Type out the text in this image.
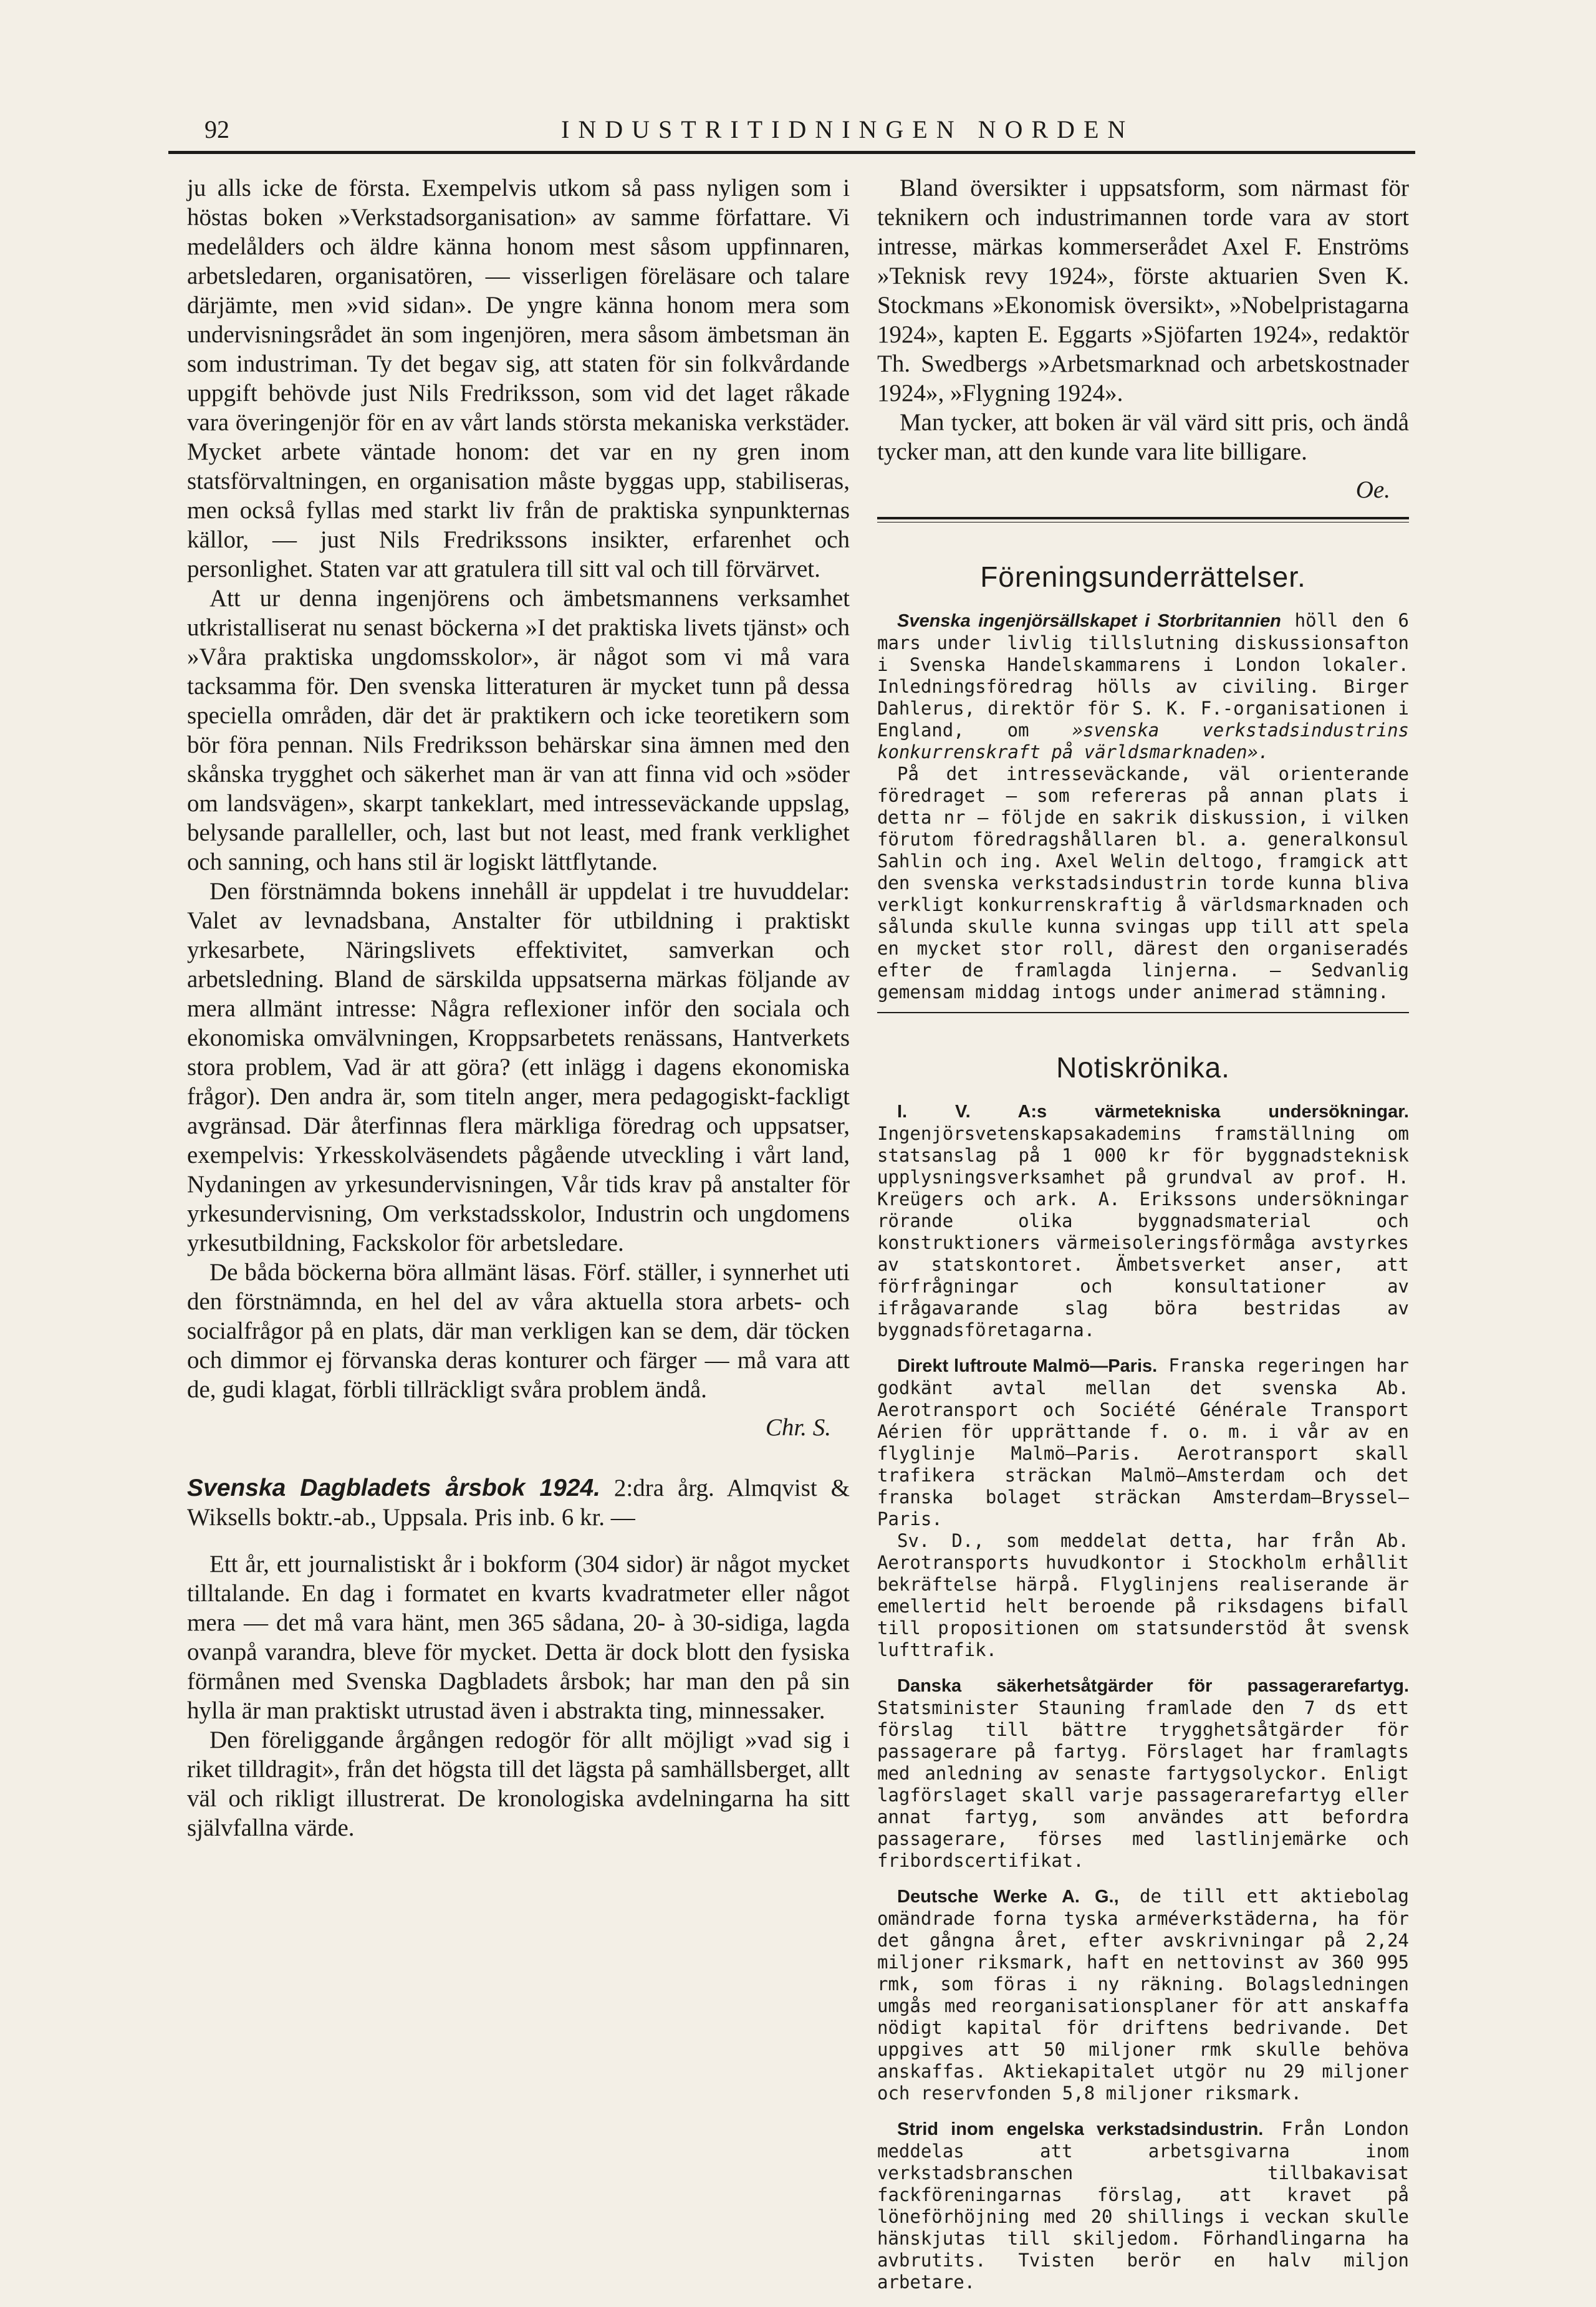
92	INDUSTRITIDNINGEN NORDEN

ju alls icke de första. Exempelvis utkom så pass nyligen som i höstas boken »Verkstadsorganisation» av samme författare. Vi medelålders och äldre känna honom mest såsom uppfinnaren, arbetsledaren, organisatören, — visserligen föreläsare och talare därjämte, men »vid sidan». De yngre känna honom mera som undervisningsrådet än som ingenjören, mera såsom ämbetsman än som industriman. Ty det begav sig, att staten för sin folkvårdande uppgift behövde just Nils Fredriksson, som vid det laget råkade vara överingenjör för en av vårt lands största mekaniska verkstäder. Mycket arbete väntade honom: det var en ny gren inom statsförvaltningen, en organisation måste byggas upp, stabiliseras, men också fyllas med starkt liv från de praktiska synpunkternas källor, — just Nils Fredrikssons insikter, erfarenhet och personlighet. Staten var att gratulera till sitt val och till förvärvet.

Att ur denna ingenjörens och ämbetsmannens verksamhet utkristalliserat nu senast böckerna »I det praktiska livets tjänst» och »Våra praktiska ungdomsskolor», är något som vi må vara tacksamma för. Den svenska litteraturen är mycket tunn på dessa speciella områden, där det är praktikern och icke teoretikern som bör föra pennan. Nils Fredriksson behärskar sina ämnen med den skånska trygghet och säkerhet man är van att finna vid och »söder om landsvägen», skarpt tankeklart, med intresseväckande uppslag, belysande paralleller, och, last but not least, med frank verklighet och sanning, och hans stil är logiskt lättflytande.

Den förstnämnda bokens innehåll är uppdelat i tre huvuddelar: Valet av levnadsbana, Anstalter för utbildning i praktiskt yrkesarbete, Näringslivets effektivitet, samverkan och arbetsledning. Bland de särskilda uppsatserna märkas följande av mera allmänt intresse: Några reflexioner inför den sociala och ekonomiska omvälvningen, Kroppsarbetets renässans, Hantverkets stora problem, Vad är att göra? (ett inlägg i dagens ekonomiska frågor). Den andra är, som titeln anger, mera pedagogiskt-fackligt avgränsad. Där återfinnas flera märkliga föredrag och uppsatser, exempelvis: Yrkesskolväsendets pågående utveckling i vårt land, Nydaningen av yrkesundervisningen, Vår tids krav på anstalter för yrkesundervisning, Om verkstadsskolor, Industrin och ungdomens yrkesutbildning, Fackskolor för arbetsledare.

De båda böckerna böra allmänt läsas. Förf. ställer, i synnerhet uti den förstnämnda, en hel del av våra aktuella stora arbets- och socialfrågor på en plats, där man verkligen kan se dem, där töcken och dimmor ej förvanska deras konturer och färger — må vara att de, gudi klagat, förbli tillräckligt svåra problem ändå.

Chr. S.

Svenska Dagbladets årsbok 1924. 2:dra årg. Almqvist & Wiksells boktr.-ab., Uppsala. Pris inb. 6 kr. —

Ett år, ett journalistiskt år i bokform (304 sidor) är något mycket tilltalande. En dag i formatet en kvarts kvadratmeter eller något mera — det må vara hänt, men 365 sådana, 20- à 30-sidiga, lagda ovanpå varandra, bleve för mycket. Detta är dock blott den fysiska förmånen med Svenska Dagbladets årsbok; har man den på sin hylla är man praktiskt utrustad även i abstrakta ting, minnessaker.

Den föreliggande årgången redogör för allt möjligt »vad sig i riket tilldragit», från det högsta till det lägsta på samhällsberget, allt väl och rikligt illustrerat. De kronologiska avdelningarna ha sitt självfallna värde.

Bland översikter i uppsatsform, som närmast för teknikern och industrimannen torde vara av stort intresse, märkas kommerserådet Axel F. Enströms »Teknisk revy 1924», förste aktuarien Sven K. Stockmans »Ekonomisk översikt», »Nobelpristagarna 1924», kapten E. Eggarts »Sjöfarten 1924», redaktör Th. Swedbergs »Arbetsmarknad och arbetskostnader 1924», »Flygning 1924».

Man tycker, att boken är väl värd sitt pris, och ändå tycker man, att den kunde vara lite billigare.

Oe.

Föreningsunderrättelser.

Svenska ingenjörsällskapet i Storbritannien höll den 6 mars under livlig tillslutning diskussionsafton i Svenska Handelskammarens i London lokaler. Inledningsföredrag hölls av civiling. Birger Dahlerus, direktör för S. K. F.-organisationen i England, om »svenska verkstadsindustrins konkurrenskraft på världsmarknaden».

På det intresseväckande, väl orienterande föredraget — som refereras på annan plats i detta nr — följde en sakrik diskussion, i vilken förutom föredragshållaren bl. a. generalkonsul Sahlin och ing. Axel Welin deltogo, framgick att den svenska verkstadsindustrin torde kunna bliva verkligt konkurrenskraftig å världsmarknaden och sålunda skulle kunna svingas upp till att spela en mycket stor roll, därest den organiseradés efter de framlagda linjerna. — Sedvanlig gemensam middag intogs under animerad stämning.

Notiskrönika.

I. V. A:s värmetekniska undersökningar. Ingenjörsvetenskapsakademins framställning om statsanslag på 1 000 kr för byggnadsteknisk upplysningsverksamhet på grundval av prof. H. Kreügers och ark. A. Erikssons undersökningar rörande olika byggnadsmaterial och konstruktioners värmeisoleringsförmåga avstyrkes av statskontoret. Ämbetsverket anser, att förfrågningar och konsultationer av ifrågavarande slag böra bestridas av byggnadsföretagarna.

Direkt luftroute Malmö—Paris. Franska regeringen har godkänt avtal mellan det svenska Ab. Aerotransport och Société Générale Transport Aérien för upprättande f. o. m. i vår av en flyglinje Malmö—Paris. Aerotransport skall trafikera sträckan Malmö—Amsterdam och det franska bolaget sträckan Amsterdam—Bryssel—Paris.

Sv. D., som meddelat detta, har från Ab. Aerotransports huvudkontor i Stockholm erhållit bekräftelse härpå. Flyglinjens realiserande är emellertid helt beroende på riksdagens bifall till propositionen om statsunderstöd åt svensk lufttrafik.

Danska säkerhetsåtgärder för passagerarefartyg. Statsminister Stauning framlade den 7 ds ett förslag till bättre trygghetsåtgärder för passagerare på fartyg. Förslaget har framlagts med anledning av senaste fartygsolyckor. Enligt lagförslaget skall varje passagerarefartyg eller annat fartyg, som användes att befordra passagerare, förses med lastlinjemärke och fribordscertifikat.

Deutsche Werke A. G., de till ett aktiebolag omändrade forna tyska arméverkstäderna, ha för det gångna året, efter avskrivningar på 2,24 miljoner riksmark, haft en nettovinst av 360 995 rmk, som föras i ny räkning. Bolagsledningen umgås med reorganisationsplaner för att anskaffa nödigt kapital för driftens bedrivande. Det uppgives att 50 miljoner rmk skulle behöva anskaffas. Aktiekapitalet utgör nu 29 miljoner och reservfonden 5,8 miljoner riksmark.

Strid inom engelska verkstadsindustrin. Från London meddelas att arbetsgivarna inom verkstadsbranschen tillbakavisat fackföreningarnas förslag, att kravet på löneförhöjning med 20 shillings i veckan skulle hänskjutas till skiljedom. Förhandlingarna ha avbrutits. Tvisten berör en halv miljon arbetare.
